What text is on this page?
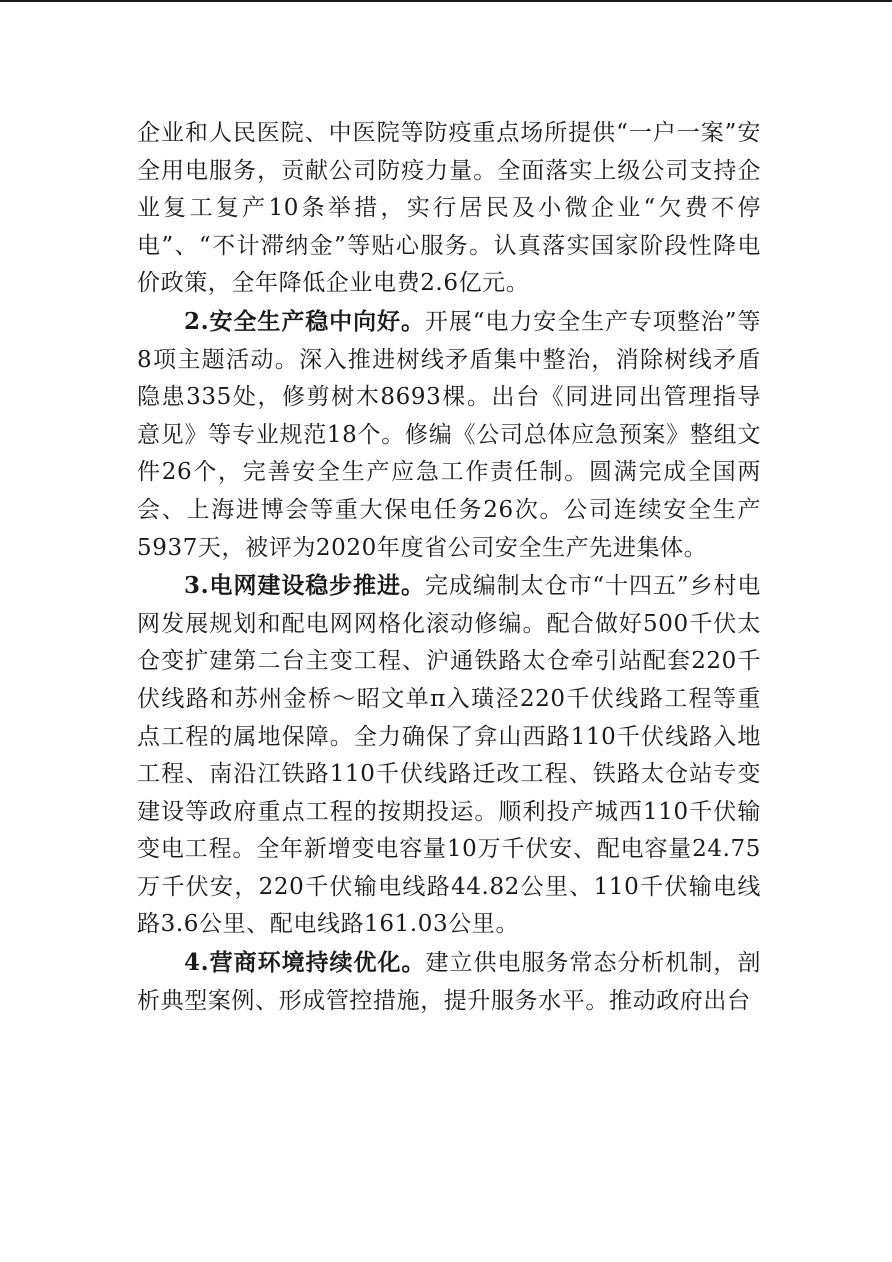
企业和人民医院、中医院等防疫重点场所提供“一户一案”安全用电服务，贡献公司防疫力量。全面落实上级公司支持企业复工复产10条举措，实行居民及小微企业“欠费不停电”、“不计滞纳金”等贴心服务。认真落实国家阶段性降电价政策，全年降低企业电费2.6亿元。

2.安全生产稳中向好。开展“电力安全生产专项整治”等8项主题活动。深入推进树线矛盾集中整治，消除树线矛盾隐患335处，修剪树木8693棵。出台《同进同出管理指导意见》等专业规范18个。修编《公司总体应急预案》整组文件26个，完善安全生产应急工作责任制。圆满完成全国两会、上海进博会等重大保电任务26次。公司连续安全生产5937天，被评为2020年度省公司安全生产先进集体。

3.电网建设稳步推进。完成编制太仓市“十四五”乡村电网发展规划和配电网网格化滚动修编。配合做好500千伏太仓变扩建第二台主变工程、沪通铁路太仓牵引站配套220千伏线路和苏州金桥～昭文单π入璜泾220千伏线路工程等重点工程的属地保障。全力确保了弇山西路110千伏线路入地工程、南沿江铁路110千伏线路迁改工程、铁路太仓站专变建设等政府重点工程的按期投运。顺利投产城西110千伏输变电工程。全年新增变电容量10万千伏安、配电容量24.75万千伏安，220千伏输电线路44.82公里、110千伏输电线路3.6公里、配电线路161.03公里。

4.营商环境持续优化。建立供电服务常态分析机制，剖析典型案例、形成管控措施，提升服务水平。推动政府出台
